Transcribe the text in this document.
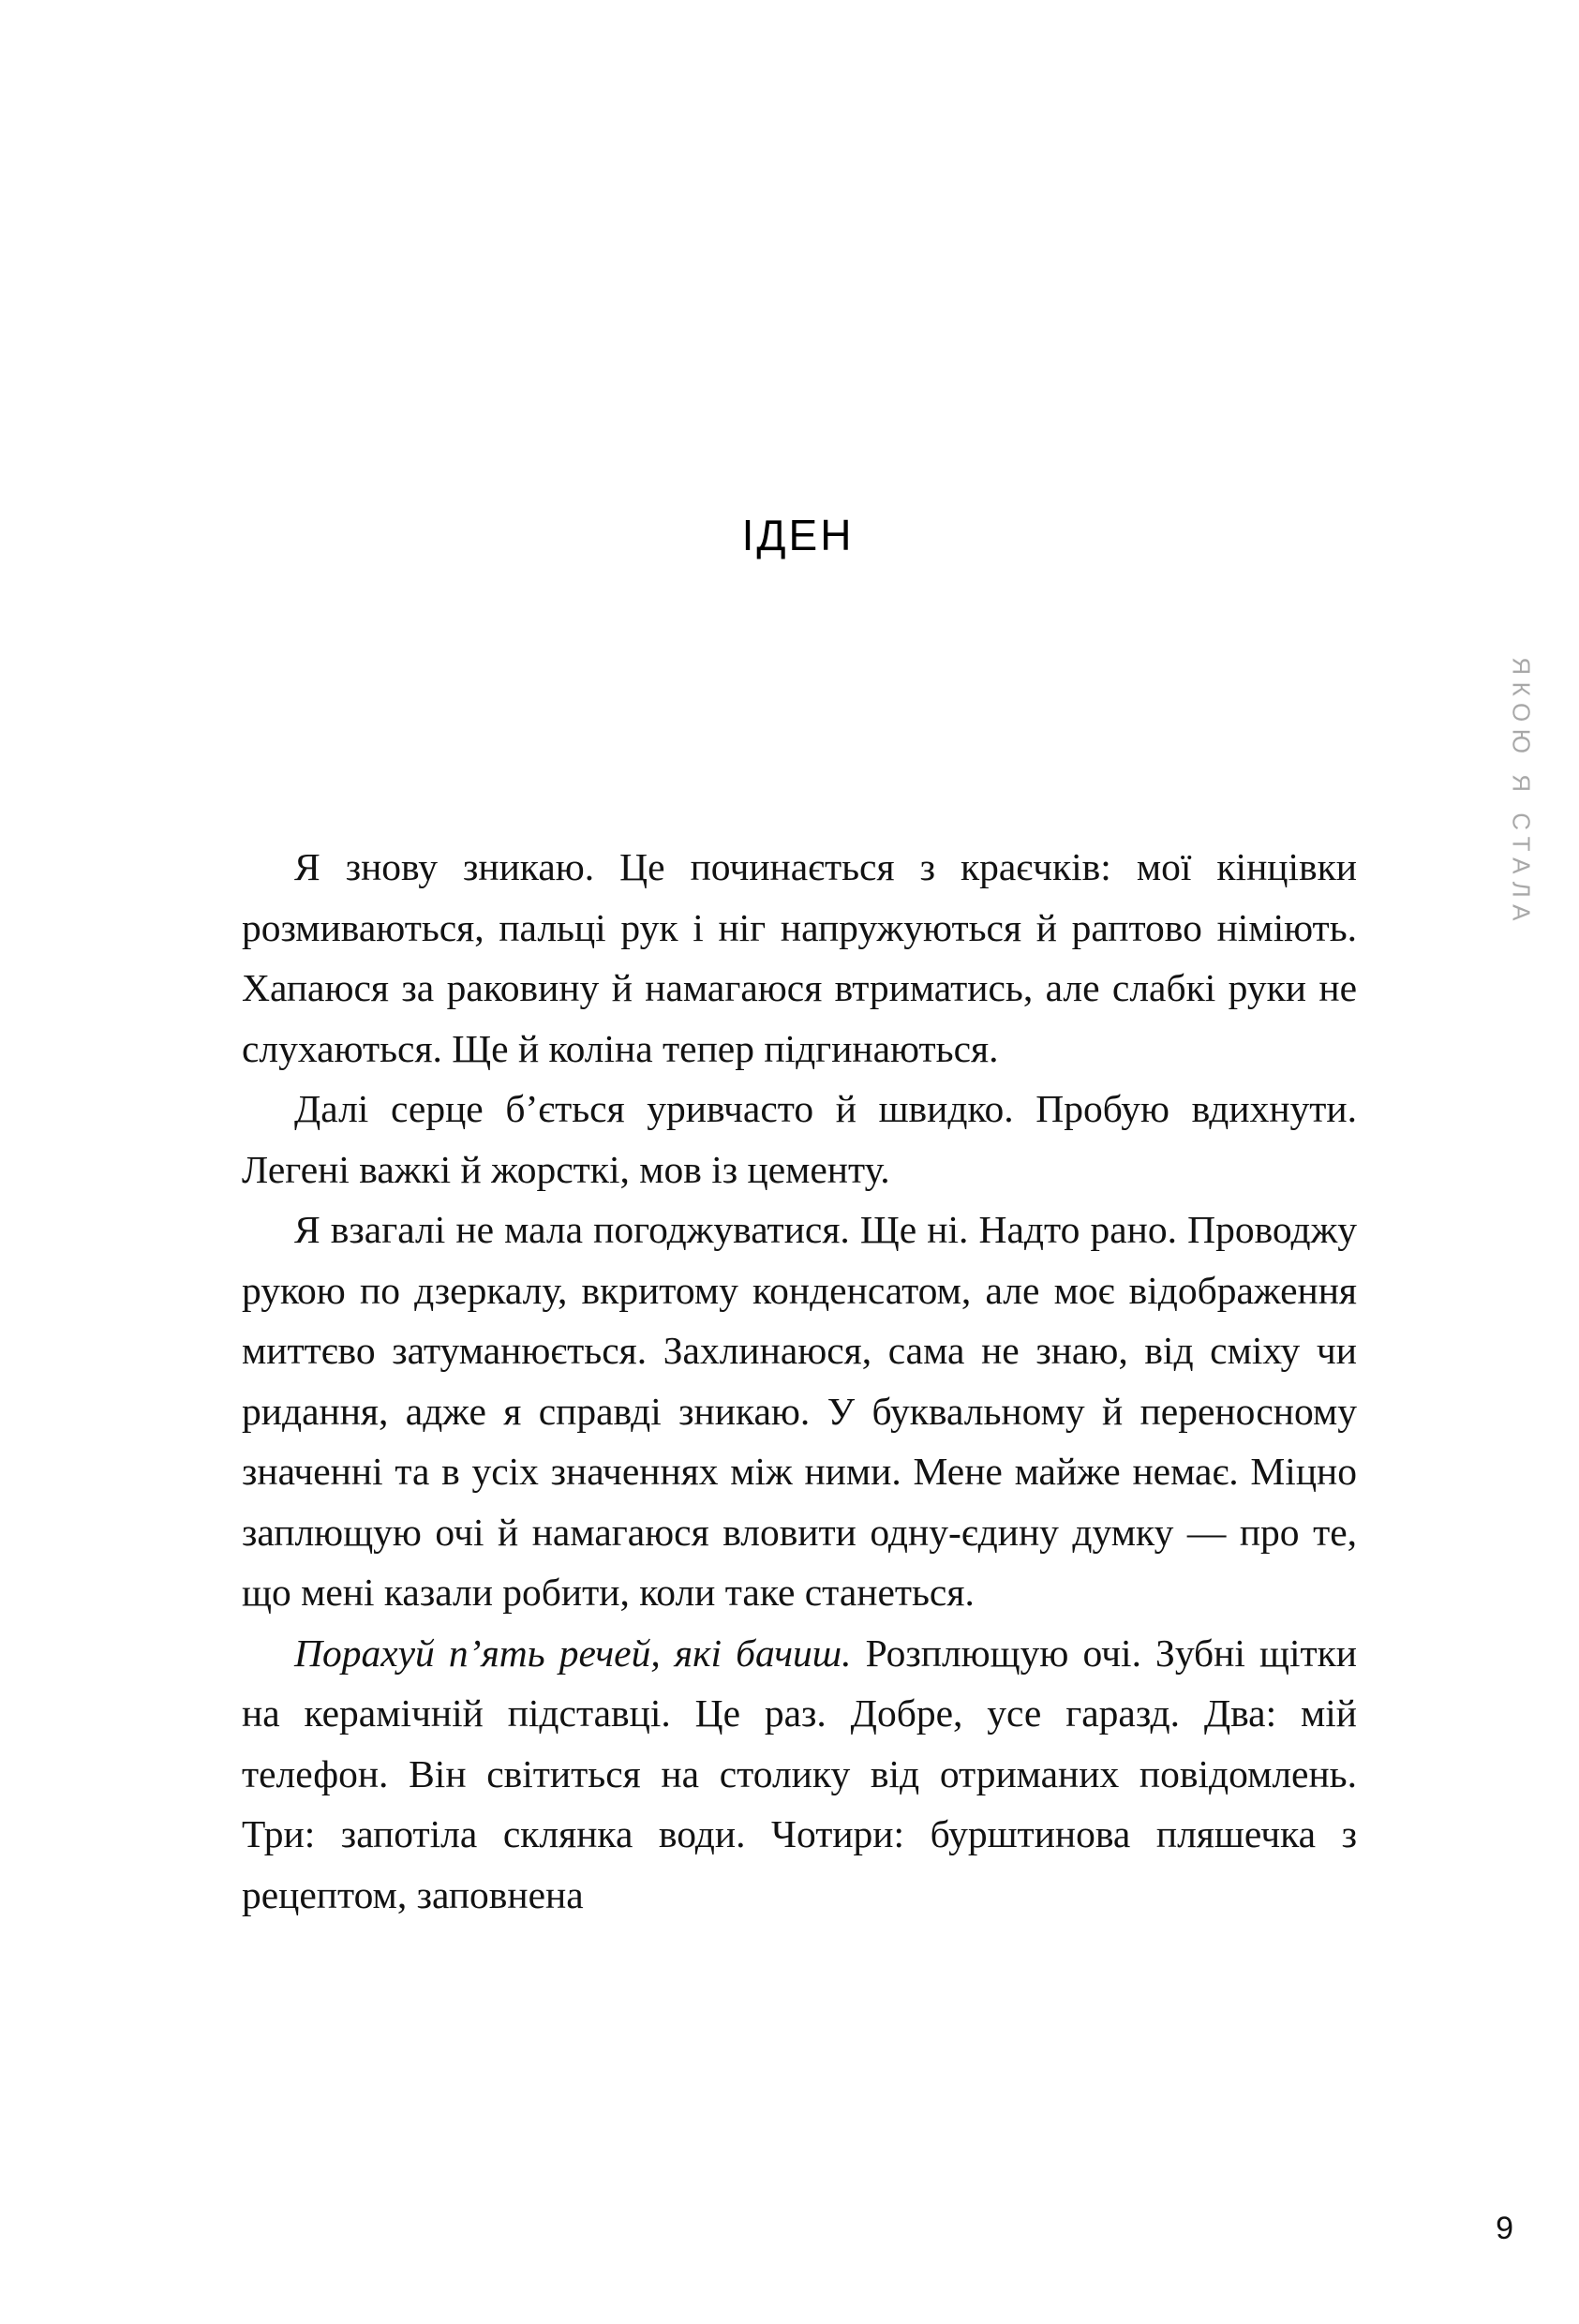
ІДЕН

Я знову зникаю. Це починається з краєчків: мої кінцівки розмиваються, пальці рук і ніг напружуються й раптово німіють. Хапаюся за раковину й намагаюся втриматись, але слабкі руки не слухаються. Ще й коліна тепер підгинаються.

Далі серце б’ється уривчасто й швидко. Пробую вдихнути. Легені важкі й жорсткі, мов із цементу.

Я взагалі не мала погоджуватися. Ще ні. Надто рано. Проводжу рукою по дзеркалу, вкритому конденсатом, але моє відображення миттєво затуманюється. Захлинаюся, сама не знаю, від сміху чи ридання, адже я справді зникаю. У буквальному й переносному значенні та в усіх значеннях між ними. Мене майже немає. Міцно заплющую очі й намагаюся вловити одну-єдину думку — про те, що мені казали робити, коли таке станеться.

Порахуй п’ять речей, які бачиш. Розплющую очі. Зубні щітки на керамічній підставці. Це раз. Добре, усе гаразд. Два: мій телефон. Він світиться на столику від отриманих повідомлень. Три: запотіла склянка води. Чотири: бурштинова пляшечка з рецептом, заповнена

ЯКОЮ Я СТАЛА
9
